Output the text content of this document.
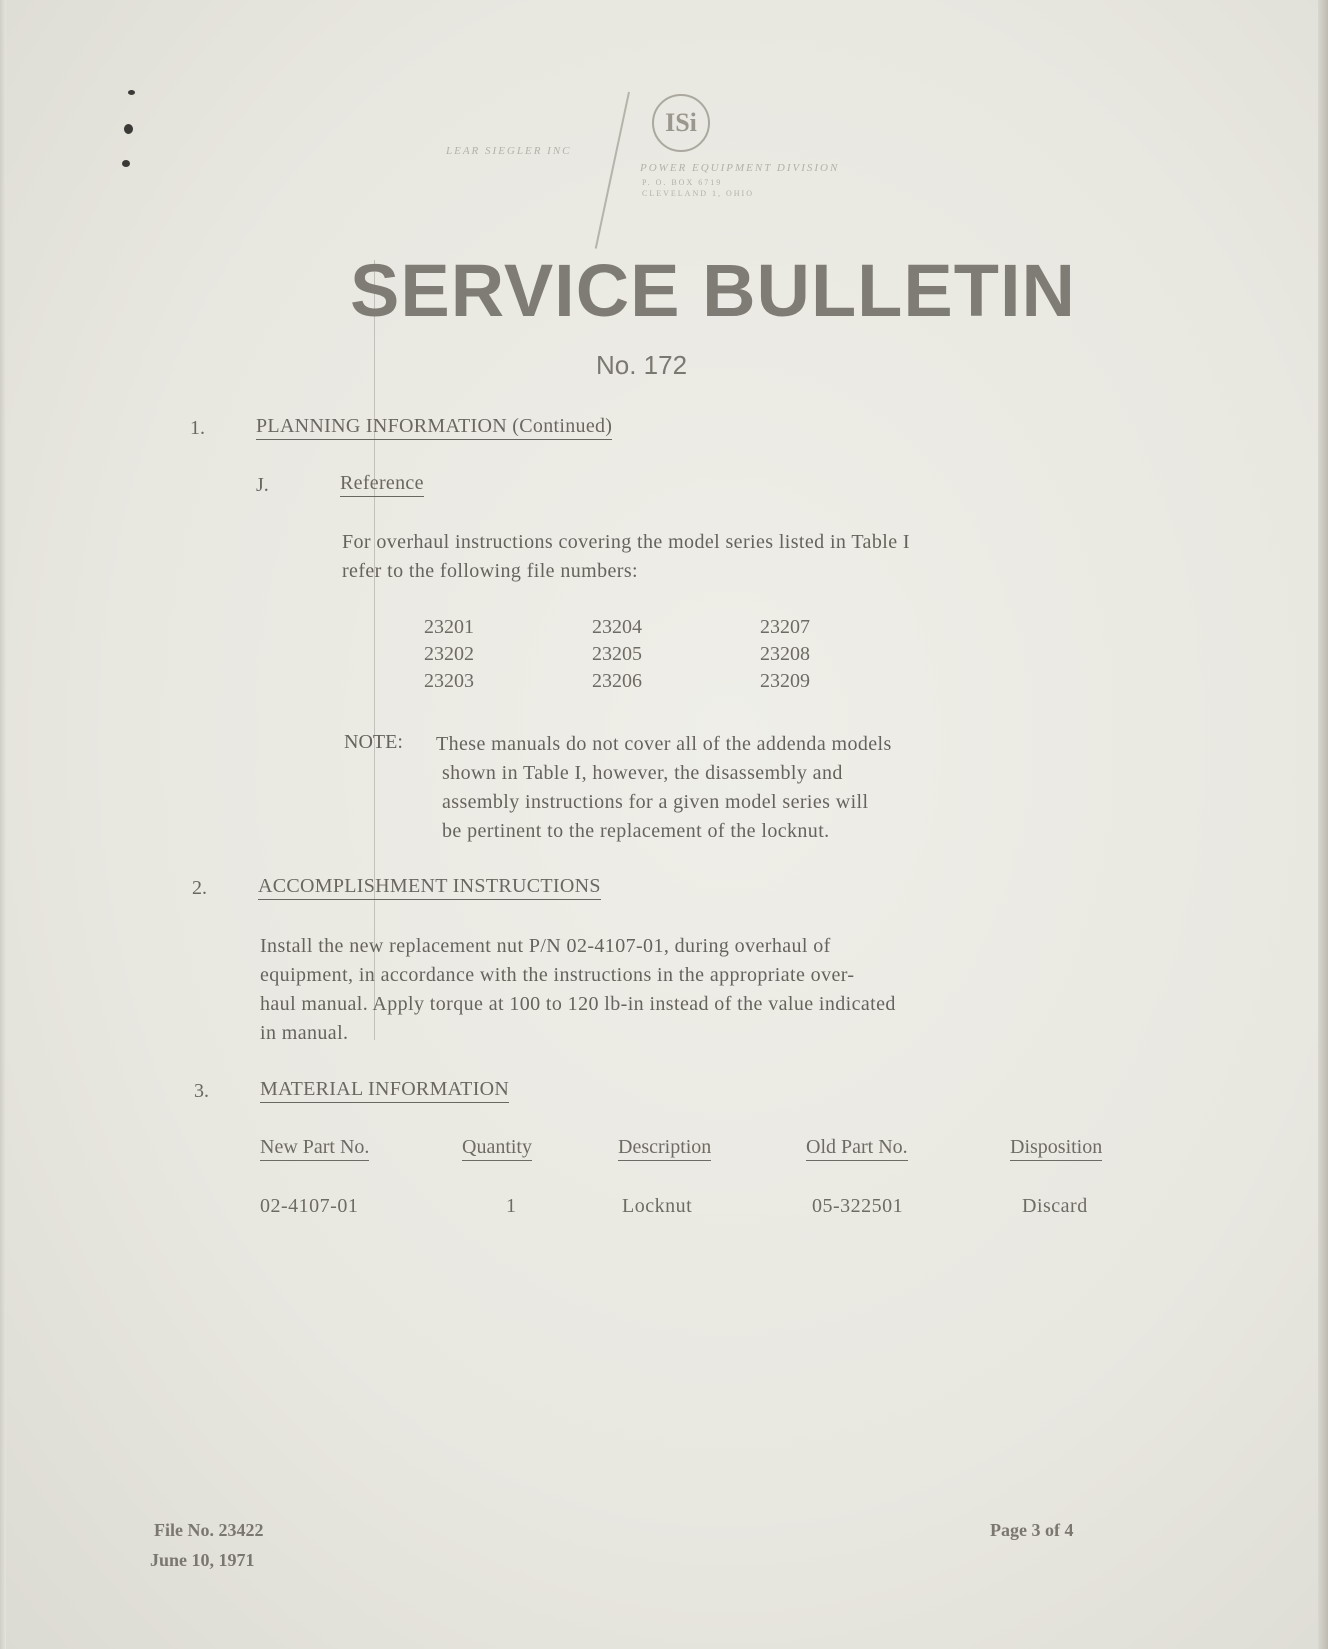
ISi
LEAR SIEGLER INC
POWER EQUIPMENT DIVISION
P. O. BOX 6719
CLEVELAND 1, OHIO
SERVICE BULLETIN
No. 172
1.	PLANNING INFORMATION (Continued)
J.	Reference
For overhaul instructions covering the model series listed in Table I
refer to the following file numbers:
23201	23204	23207
23202	23205	23208
23203	23206	23209
NOTE: These manuals do not cover all of the addenda models
shown in Table I, however, the disassembly and
assembly instructions for a given model series will
be pertinent to the replacement of the locknut.
2.	ACCOMPLISHMENT INSTRUCTIONS
Install the new replacement nut P/N 02-4107-01, during overhaul of
equipment, in accordance with the instructions in the appropriate over-
haul manual. Apply torque at 100 to 120 lb-in instead of the value indicated
in manual.
3.	MATERIAL INFORMATION
New Part No.	Quantity	Description	Old Part No.	Disposition
02-4107-01	1	Locknut	05-322501	Discard
File No. 23422
June 10, 1971
Page 3 of 4
